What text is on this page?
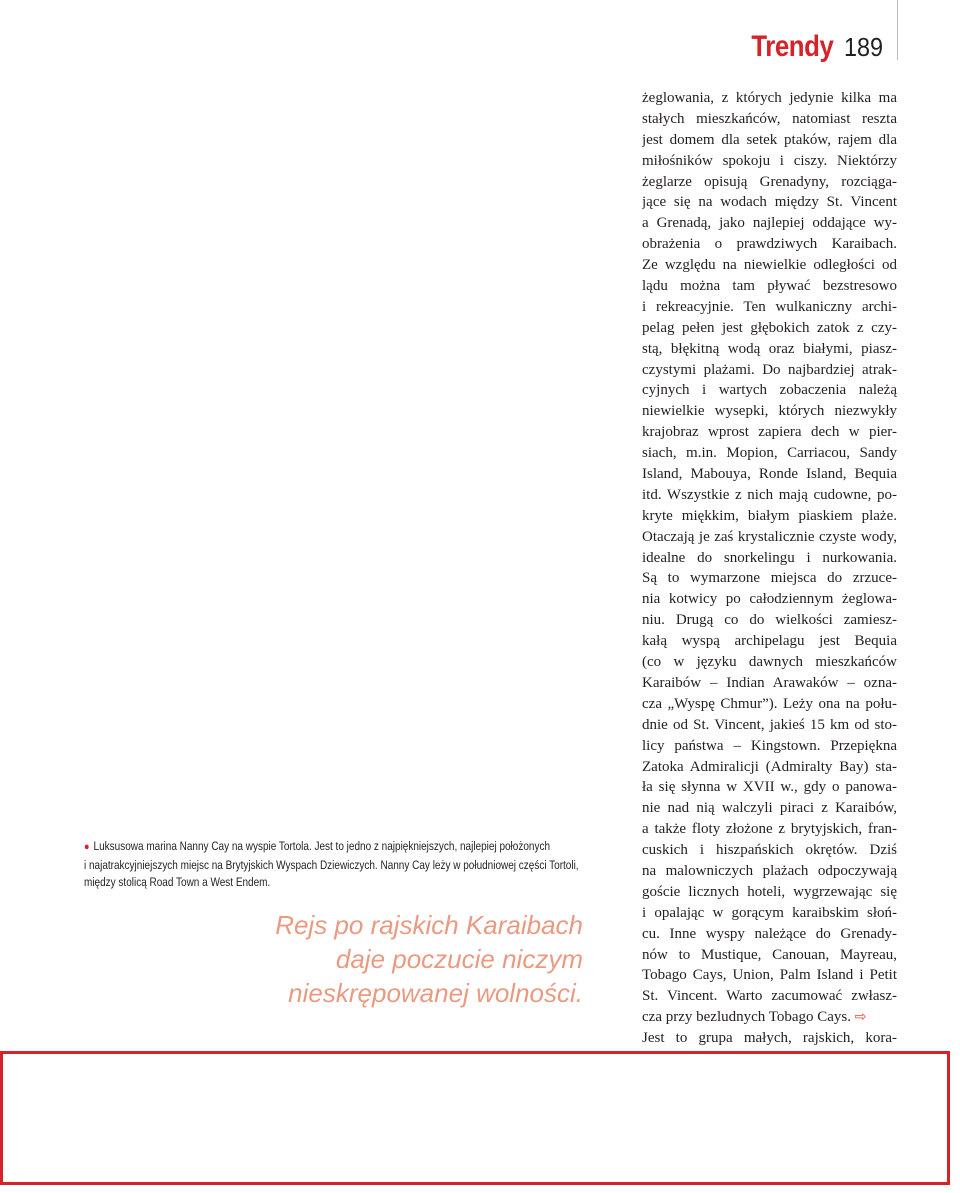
Trendy 189
● Luksusowa marina Nanny Cay na wyspie Tortola. Jest to jedno z najpiękniejszych, najlepiej położonych
i najatrakcyjniejszych miejsc na Brytyjskich Wyspach Dziewiczych. Nanny Cay leży w południowej części Tortoli,
między stolicą Road Town a West Endem.
Rejs po rajskich Karaibach
daje poczucie niczym
nieskrępowanej wolności.
żeglowania, z których jedynie kilka ma
stałych mieszkańców, natomiast reszta
jest domem dla setek ptaków, rajem dla
miłośników spokoju i ciszy. Niektórzy
żeglarze opisują Grenadyny, rozciąga-
jące się na wodach między St. Vincent
a Grenadą, jako najlepiej oddające wy-
obrażenia o prawdziwych Karaibach.
Ze względu na niewielkie odległości od
lądu można tam pływać bezstresowo
i rekreacyjnie. Ten wulkaniczny archi-
pelag pełen jest głębokich zatok z czy-
stą, błękitną wodą oraz białymi, piasz-
czystymi plażami. Do najbardziej atrak-
cyjnych i wartych zobaczenia należą
niewielkie wysepki, których niezwykły
krajobraz wprost zapiera dech w pier-
siach, m.in. Mopion, Carriacou, Sandy
Island, Mabouya, Ronde Island, Bequia
itd. Wszystkie z nich mają cudowne, po-
kryte miękkim, białym piaskiem plaże.
Otaczają je zaś krystalicznie czyste wody,
idealne do snorkelingu i nurkowania.
Są to wymarzone miejsca do zrzuce-
nia kotwicy po całodziennym żeglowa-
niu. Drugą co do wielkości zamiesz-
kałą wyspą archipelagu jest Bequia
(co w języku dawnych mieszkańców
Karaibów – Indian Arawaków – ozna-
cza „Wyspę Chmur”). Leży ona na połu-
dnie od St. Vincent, jakieś 15 km od sto-
licy państwa – Kingstown. Przepiękna
Zatoka Admiralicji (Admiralty Bay) sta-
ła się słynna w XVII w., gdy o panowa-
nie nad nią walczyli piraci z Karaibów,
a także floty złożone z brytyjskich, fran-
cuskich i hiszpańskich okrętów. Dziś
na malowniczych plażach odpoczywają
goście licznych hoteli, wygrzewając się
i opalając w gorącym karaibskim słoń-
cu. Inne wyspy należące do Grenady-
nów to Mustique, Canouan, Mayreau,
Tobago Cays, Union, Palm Island i Petit
St. Vincent. Warto zacumować zwłasz-
cza przy bezludnych Tobago Cays. ⇨
Jest to grupa małych, rajskich, kora-
